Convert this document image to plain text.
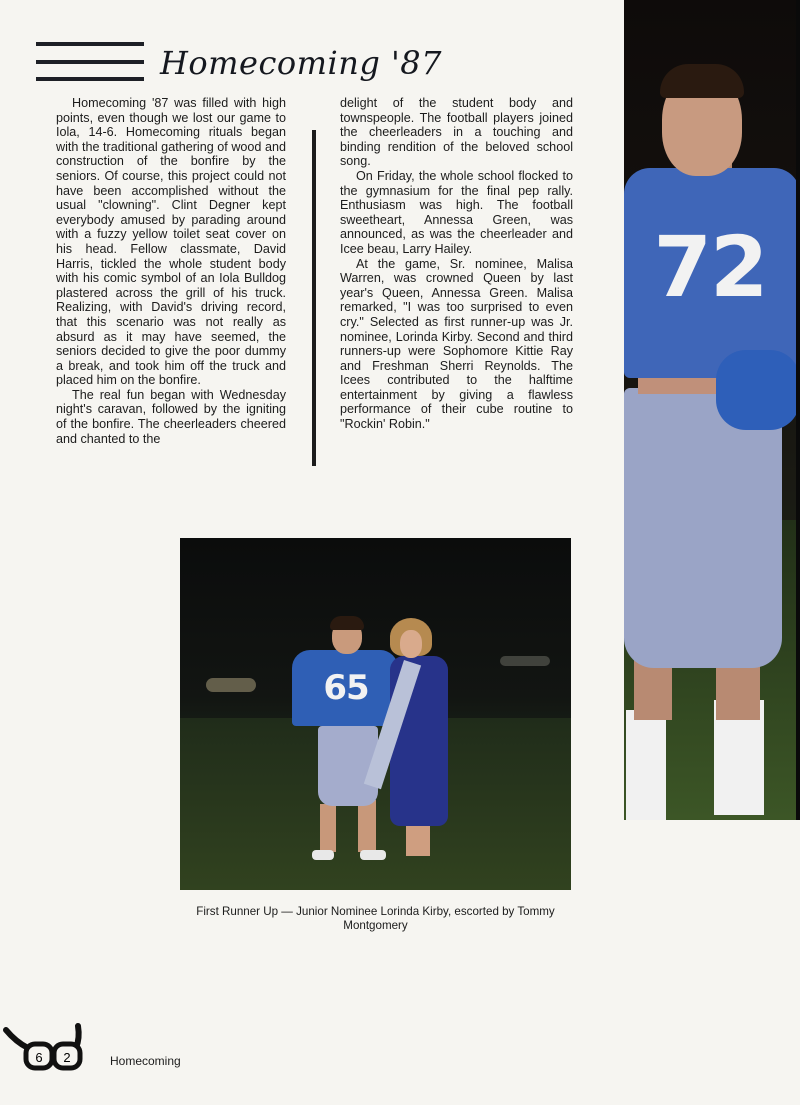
Homecoming '87

Homecoming '87 was filled with high points, even though we lost our game to Iola, 14-6. Homecoming rituals began with the traditional gathering of wood and construction of the bonfire by the seniors. Of course, this project could not have been accomplished without the usual "clowning". Clint Degner kept everybody amused by parading around with a fuzzy yellow toilet seat cover on his head. Fellow classmate, David Harris, tickled the whole student body with his comic symbol of an Iola Bulldog plastered across the grill of his truck. Realizing, with David's driving record, that this scenario was not really as absurd as it may have seemed, the seniors decided to give the poor dummy a break, and took him off the truck and placed him on the bonfire.

The real fun began with Wednesday night's caravan, followed by the igniting of the bonfire. The cheerleaders cheered and chanted to the

delight of the student body and townspeople. The football players joined the cheerleaders in a touching and binding rendition of the beloved school song.

On Friday, the whole school flocked to the gymnasium for the final pep rally. Enthusiasm was high. The football sweetheart, Annessa Green, was announced, as was the cheerleader and Icee beau, Larry Hailey.

At the game, Sr. nominee, Malisa Warren, was crowned Queen by last year's Queen, Annessa Green. Malisa remarked, "I was too surprised to even cry." Selected as first runner-up was Jr. nominee, Lorinda Kirby. Second and third runners-up were Sophomore Kittie Ray and Freshman Sherri Reynolds. The Icees contributed to the halftime entertainment by giving a flawless performance of their cube routine to "Rockin' Robin."

72
65
First Runner Up — Junior Nominee Lorinda Kirby, escorted by Tommy Montgomery
6 2	Homecoming
